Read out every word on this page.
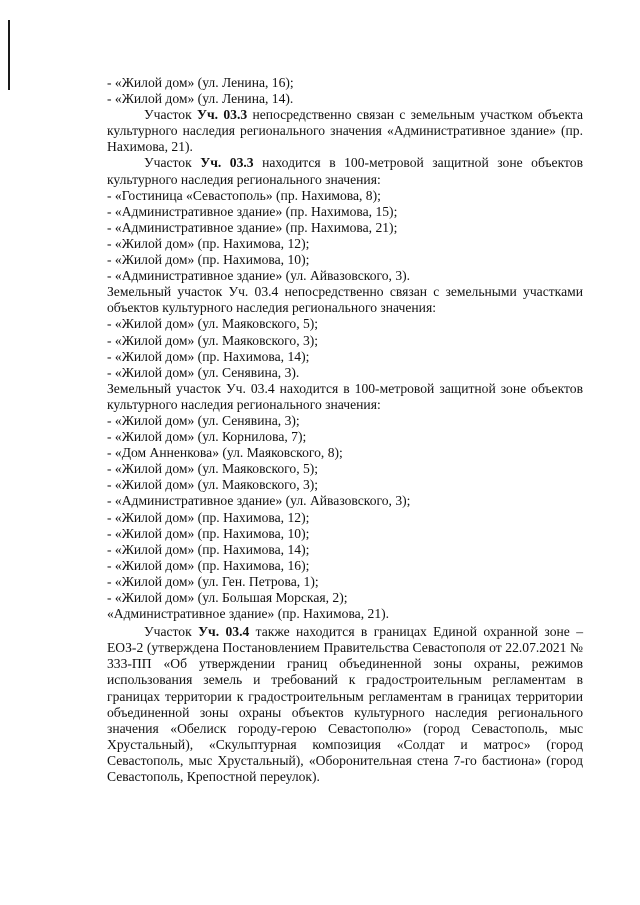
- «Жилой дом» (ул. Ленина, 16);

- «Жилой дом» (ул. Ленина, 14).

Участок Уч. 03.3 непосредственно связан с земельным участком объекта культурного наследия регионального значения «Административное здание» (пр. Нахимова, 21).

Участок Уч. 03.3 находится в 100-метровой защитной зоне объектов культурного наследия регионального значения:

- «Гостиница «Севастополь» (пр. Нахимова, 8);

- «Административное здание» (пр. Нахимова, 15);

- «Административное здание» (пр. Нахимова, 21);

- «Жилой дом» (пр. Нахимова, 12);

- «Жилой дом» (пр. Нахимова, 10);

- «Административное здание» (ул. Айвазовского, 3).

Земельный участок Уч. 03.4 непосредственно связан с земельными участками объектов культурного наследия регионального значения:

- «Жилой дом» (ул. Маяковского, 5);

- «Жилой дом» (ул. Маяковского, 3);

- «Жилой дом» (пр. Нахимова, 14);

- «Жилой дом» (ул. Сенявина, 3).

Земельный участок Уч. 03.4 находится в 100-метровой защитной зоне объектов культурного наследия регионального значения:

- «Жилой дом» (ул. Сенявина, 3);

- «Жилой дом» (ул. Корнилова, 7);

- «Дом Анненкова» (ул. Маяковского, 8);

- «Жилой дом» (ул. Маяковского, 5);

- «Жилой дом» (ул. Маяковского, 3);

- «Административное здание» (ул. Айвазовского, 3);

- «Жилой дом» (пр. Нахимова, 12);

- «Жилой дом» (пр. Нахимова, 10);

- «Жилой дом» (пр. Нахимова, 14);

- «Жилой дом» (пр. Нахимова, 16);

- «Жилой дом» (ул. Ген. Петрова, 1);

- «Жилой дом» (ул. Большая Морская, 2);

«Административное здание» (пр. Нахимова, 21).

Участок Уч. 03.4 также находится в границах Единой охранной зоне – ЕОЗ-2 (утверждена Постановлением Правительства Севастополя от 22.07.2021 № 333-ПП «Об утверждении границ объединенной зоны охраны, режимов использования земель и требований к градостроительным регламентам в границах территории к градостроительным регламентам в границах территории объединенной зоны охраны объектов культурного наследия регионального значения «Обелиск городу-герою Севастополю» (город Севастополь, мыс Хрустальный), «Скульптурная композиция «Солдат и матрос» (город Севастополь, мыс Хрустальный), «Оборонительная стена 7-го бастиона» (город Севастополь, Крепостной переулок).
